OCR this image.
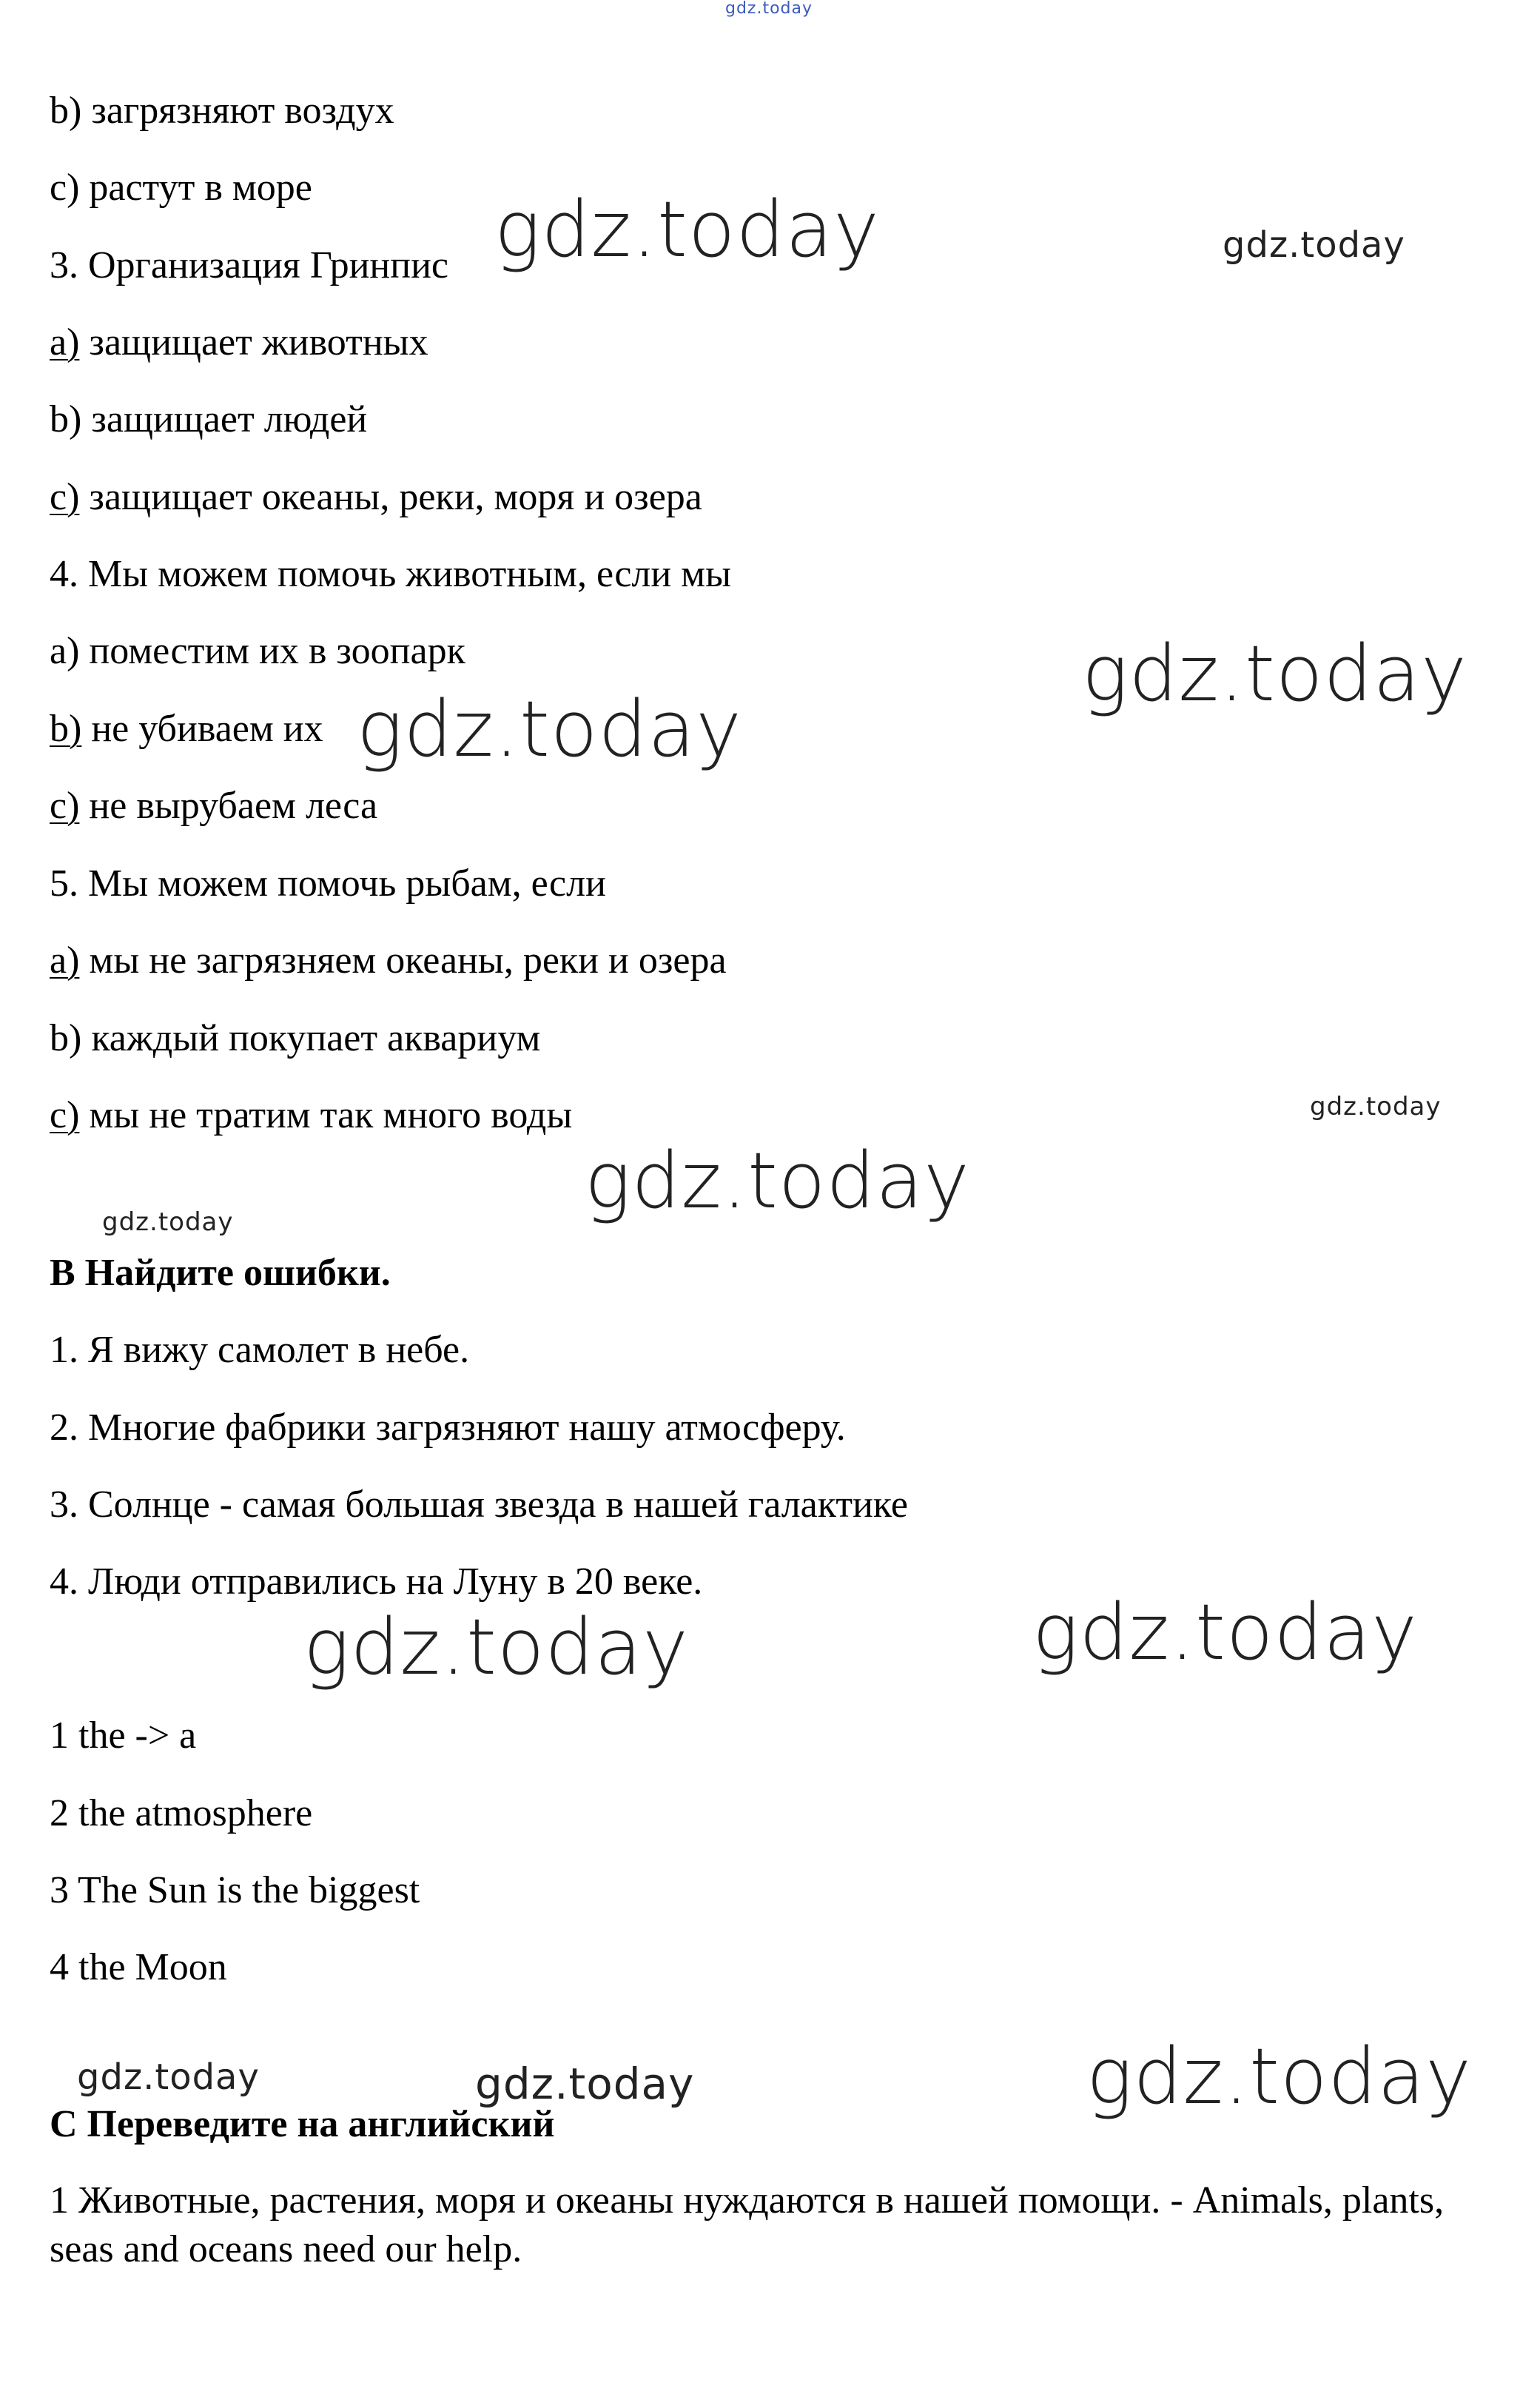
gdz.today
gdz.today	gdz.today
gdz.today
gdz.today
gdz.today
gdz.today
gdz.today
gdz.today	gdz.today
gdz.today	gdz.today	gdz.today
b) загрязняют воздух
c) растут в море
3. Организация Гринпис
a) защищает животных
b) защищает людей
c) защищает океаны, реки, моря и озера
4. Мы можем помочь животным, если мы
a) поместим их в зоопарк
b) не убиваем их
c) не вырубаем леса
5. Мы можем помочь рыбам, если
a) мы не загрязняем океаны, реки и озера
b) каждый покупает аквариум
c) мы не тратим так много воды
B Найдите ошибки.
1. Я вижу самолет в небе.
2. Многие фабрики загрязняют нашу атмосферу.
3. Солнце - самая большая звезда в нашей галактике
4. Люди отправились на Луну в 20 веке.
1 the -> a
2 the atmosphere
3 The Sun is the biggest
4 the Moon
C Переведите на английский
1 Животные, растения, моря и океаны нуждаются в нашей помощи. - Animals, plants, seas and oceans need our help.
